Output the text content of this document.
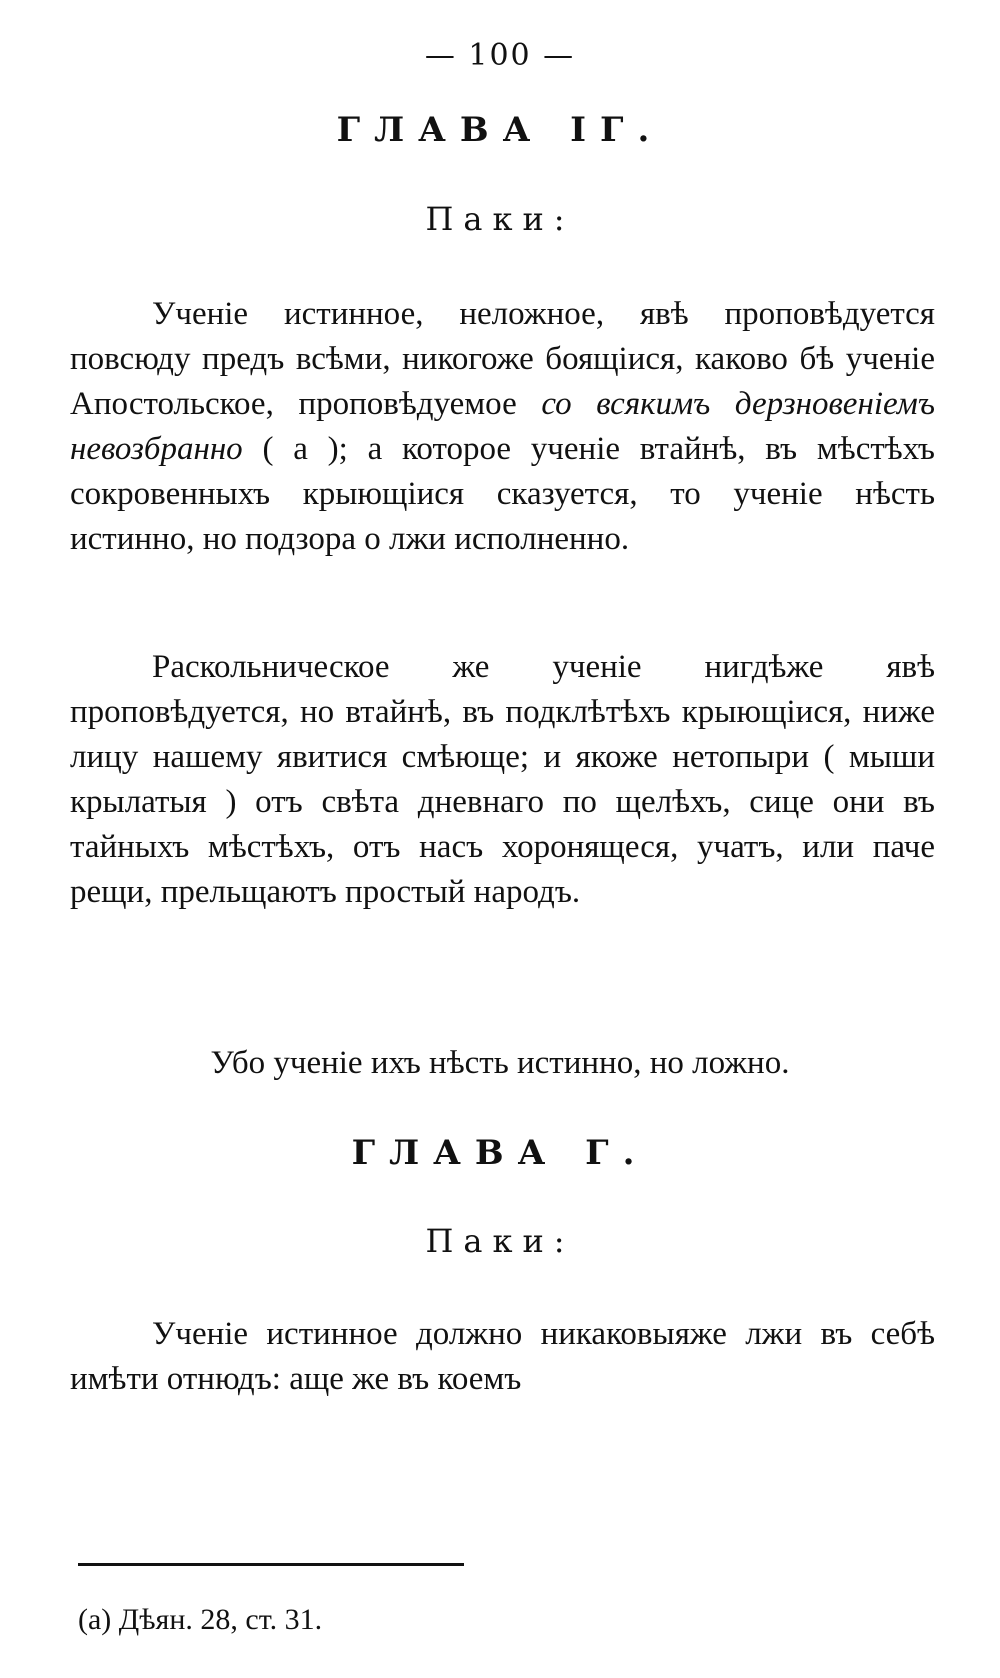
— 100 —
ГЛАВА IГ.
Паки:

Ученіе истинное, неложное, явѣ проповѣдуется повсюду предъ всѣми, никогоже боящіися, каково бѣ ученіе Апостольское, проповѣдуемое со всякимъ дерзновеніемъ невозбранно ( а ); а которое ученіе втайнѣ, въ мѣстѣхъ сокровенныхъ крыющіися сказуется, то ученіе нѣсть истинно, но подзора о лжи исполненно.

Раскольническое же ученіе нигдѣже явѣ проповѣдуется, но втайнѣ, въ подклѣтѣхъ крыющіися, ниже лицу нашему явитися смѣюще; и якоже нетопыри ( мыши крылатыя ) отъ свѣта дневнаго по щелѣхъ, сице они въ тайныхъ мѣстѣхъ, отъ насъ хоронящеся, учатъ, или паче рещи, прельщаютъ простый народъ.

Убо ученіе ихъ нѣсть истинно, но ложно.
ГЛАВА Г.
Паки:

Ученіе истинное должно никаковыяже лжи въ себѣ имѣти отнюдъ: аще же въ коемъ

(а) Дѣян. 28, ст. 31.
